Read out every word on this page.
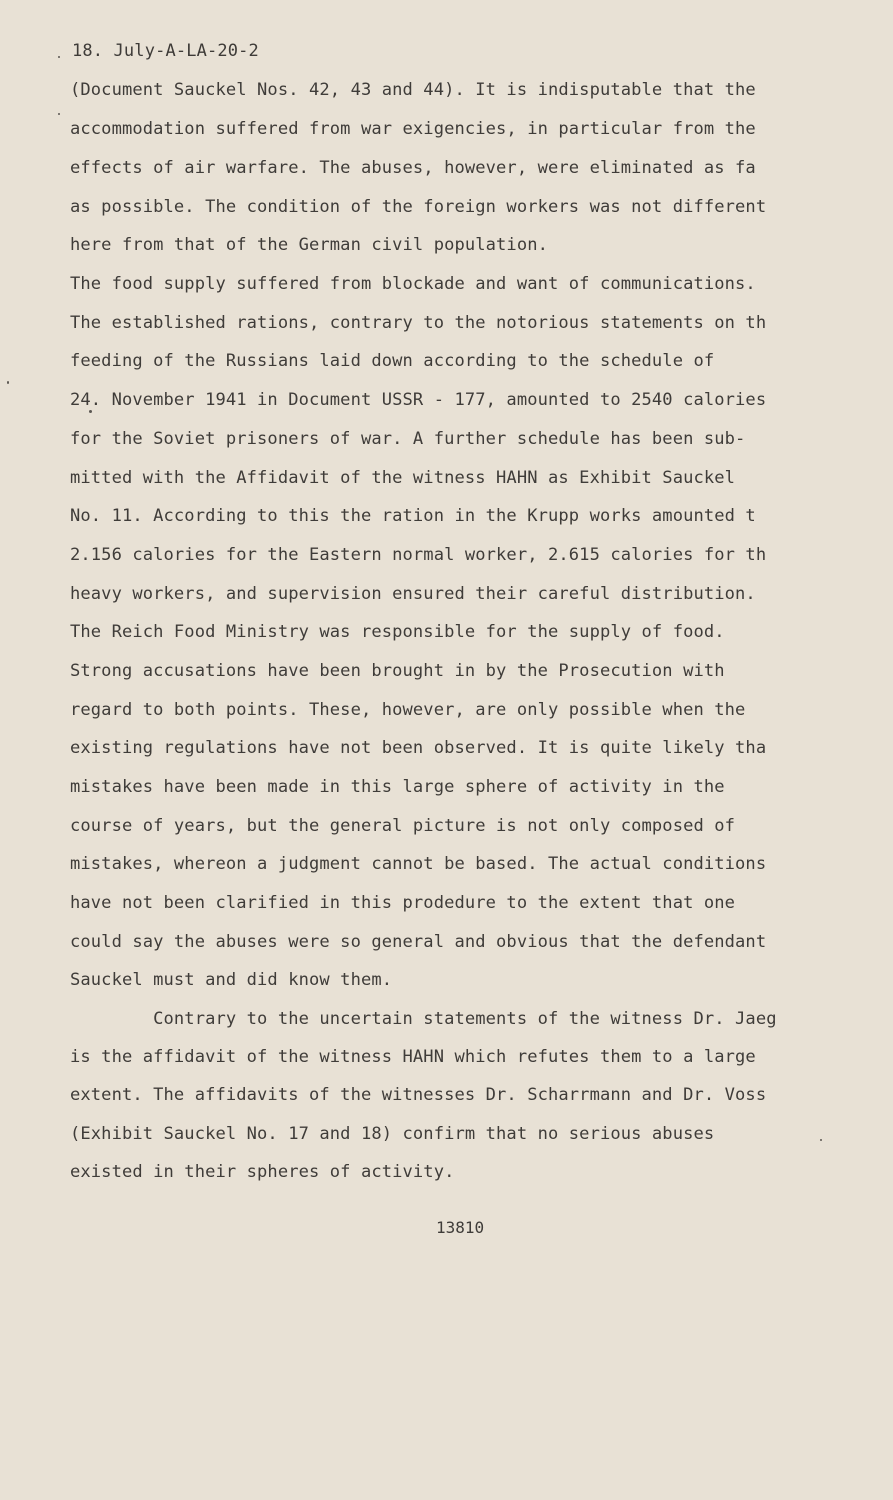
18. July-A-LA-20-2
(Document Sauckel Nos. 42, 43 and 44). It is indisputable that the
accommodation suffered from war exigencies, in particular from the
effects of air warfare. The abuses, however, were eliminated as fa
as possible. The condition of the foreign workers was not different
here from that of the German civil population.
The food supply suffered from blockade and want of communications.
The established rations, contrary to the notorious statements on th
feeding of the Russians laid down according to the schedule of
24. November 1941 in Document USSR - 177, amounted to 2540 calories
for the Soviet prisoners of war. A further schedule has been sub-
mitted with the Affidavit of the witness HAHN as Exhibit Sauckel
No. 11. According to this the ration in the Krupp works amounted t
2.156 calories for the Eastern normal worker, 2.615 calories for th
heavy workers, and supervision ensured their careful distribution.
The Reich Food Ministry was responsible for the supply of food.
Strong accusations have been brought in by the Prosecution with
regard to both points. These, however, are only possible when the
existing regulations have not been observed. It is quite likely tha
mistakes have been made in this large sphere of activity in the
course of years, but the general picture is not only composed of
mistakes, whereon a judgment cannot be based. The actual conditions
have not been clarified in this prodedure to the extent that one
could say the abuses were so general and obvious that the defendant
Sauckel must and did know them.
Contrary to the uncertain statements of the witness Dr. Jaeg
is the affidavit of the witness HAHN which refutes them to a large
extent. The affidavits of the witnesses Dr. Scharrmann and Dr. Voss
(Exhibit Sauckel No. 17 and 18) confirm that no serious abuses
existed in their spheres of activity.
13810
